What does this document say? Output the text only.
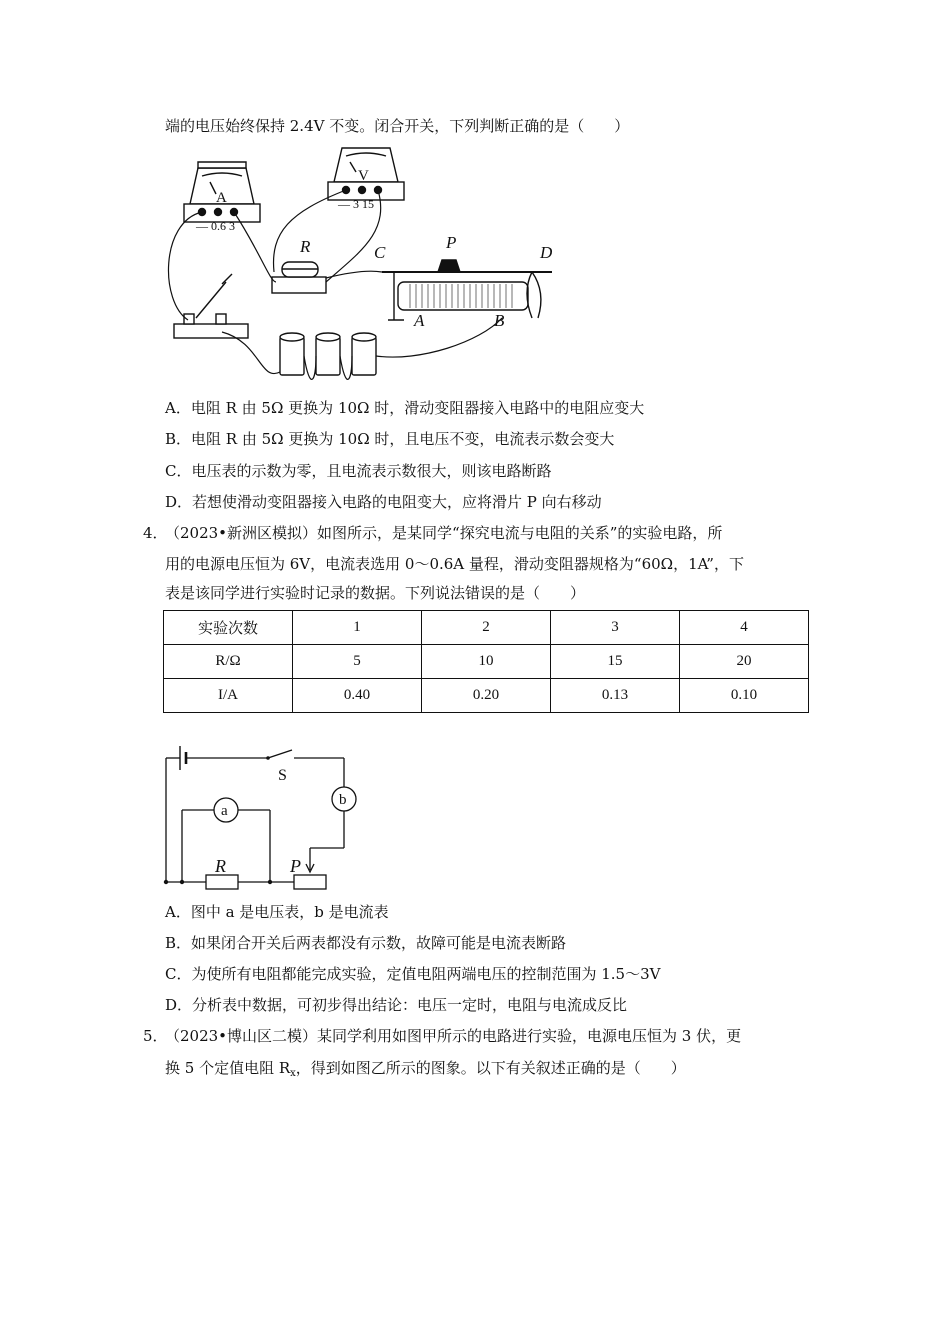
端的电压始终保持 2.4V 不变。闭合开关，下列判断正确的是（　　）
A
— 0.6 3
V
— 3 15
R	C
P
D
A	B
A．电阻 R 由 5Ω 更换为 10Ω 时，滑动变阻器接入电路中的电阻应变大
B．电阻 R 由 5Ω 更换为 10Ω 时，且电压不变，电流表示数会变大
C．电压表的示数为零，且电流表示数很大，则该电路断路
D．若想使滑动变阻器接入电路的电阻变大，应将滑片 P 向右移动
4．
（2023•新洲区模拟）如图所示，是某同学“探究电流与电阻的关系”的实验电路，所
用的电源电压恒为 6V，电流表选用 0～0.6A 量程，滑动变阻器规格为“60Ω，1A”，下
表是该同学进行实验时记录的数据。下列说法错误的是（　　）
实验次数	1	2	3	4
R/Ω	5	10	15	20
I/A	0.40	0.20	0.13	0.10
S
b
a
R	P
A．图中 a 是电压表，b 是电流表
B．如果闭合开关后两表都没有示数，故障可能是电流表断路
C．为使所有电阻都能完成实验，定值电阻两端电压的控制范围为 1.5～3V
D．分析表中数据，可初步得出结论：电压一定时，电阻与电流成反比
5．
（2023•博山区二模）某同学利用如图甲所示的电路进行实验，电源电压恒为 3 伏，更
换 5 个定值电阻 $R_x$，得到如图乙所示的图象。以下有关叙述正确的是（　　）
